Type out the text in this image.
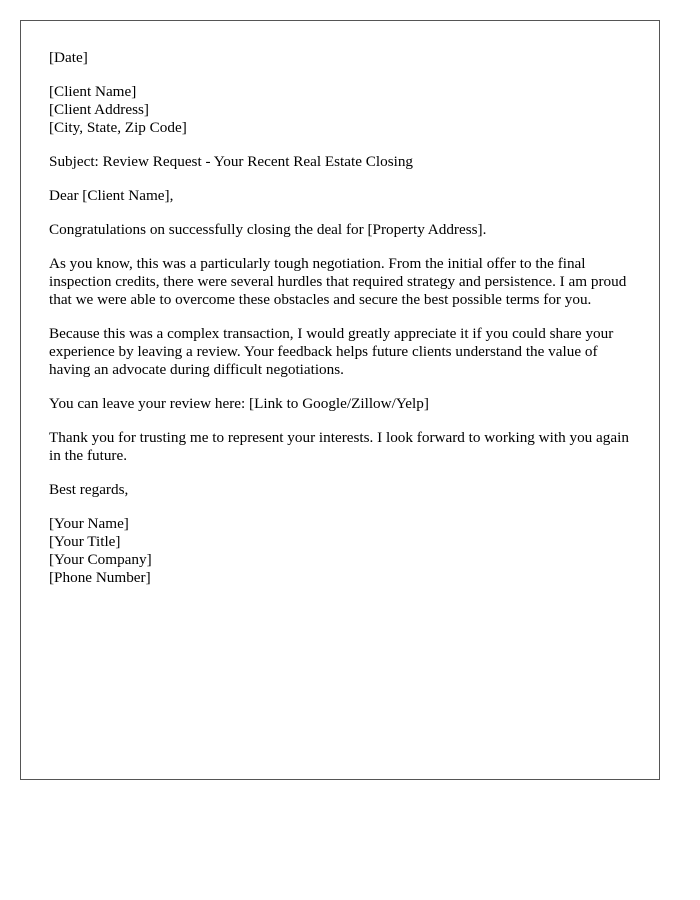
[Date]
[Client Name]
[Client Address]
[City, State, Zip Code]
Subject: Review Request - Your Recent Real Estate Closing
Dear [Client Name],

Congratulations on successfully closing the deal for [Property Address].

As you know, this was a particularly tough negotiation. From the initial offer to the final inspection credits, there were several hurdles that required strategy and persistence. I am proud that we were able to overcome these obstacles and secure the best possible terms for you.

Because this was a complex transaction, I would greatly appreciate it if you could share your experience by leaving a review. Your feedback helps future clients understand the value of having an advocate during difficult negotiations.

You can leave your review here: [Link to Google/Zillow/Yelp]

Thank you for trusting me to represent your interests. I look forward to working with you again in the future.

Best regards,
[Your Name]
[Your Title]
[Your Company]
[Phone Number]
